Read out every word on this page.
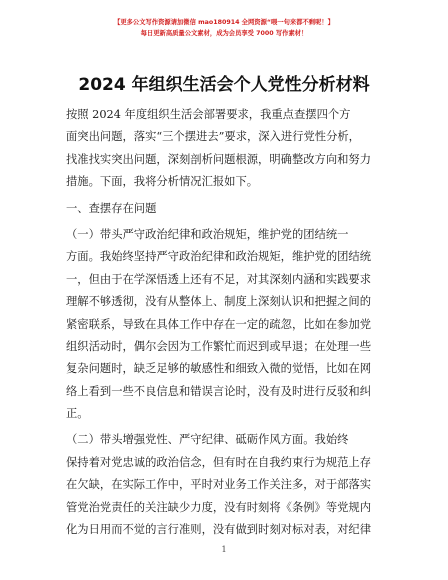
【更多公文写作资源请加微信 mao180914 全网资源“喂一句来都不剩呢！】
每日更新高质量公文素材，成为会员享受 7000 写作素材！
2024 年组织生活会个人党性分析材料
按照 2024 年度组织生活会部署要求，我重点查摆四个方
面突出问题，落实“三个摆进去”要求，深入进行党性分析，
找准找实突出问题，深刻剖析问题根源，明确整改方向和努力
措施。下面，我将分析情况汇报如下。
一、查摆存在问题
（一）带头严守政治纪律和政治规矩，维护党的团结统一
方面。我始终坚持严守政治纪律和政治规矩，维护党的团结统
一，但由于在学深悟透上还有不足，对其深刻内涵和实践要求
理解不够透彻，没有从整体上、制度上深刻认识和把握之间的
紧密联系，导致在具体工作中存在一定的疏忽，比如在参加党
组织活动时，偶尔会因为工作繁忙而迟到或早退；在处理一些
复杂问题时，缺乏足够的敏感性和细致入微的觉悟，比如在网
络上看到一些不良信息和错误言论时，没有及时进行反驳和纠
正。
（二）带头增强党性、严守纪律、砥砺作风方面。我始终
保持着对党忠诚的政治信念，但有时在自我约束行为规范上存
在欠缺，在实际工作中，平时对业务工作关注多，对于部落实
管党治党责任的关注缺少力度，没有时刻将《条例》等党规内
化为日用而不觉的言行准则，没有做到时刻对标对表，对纪律
1
